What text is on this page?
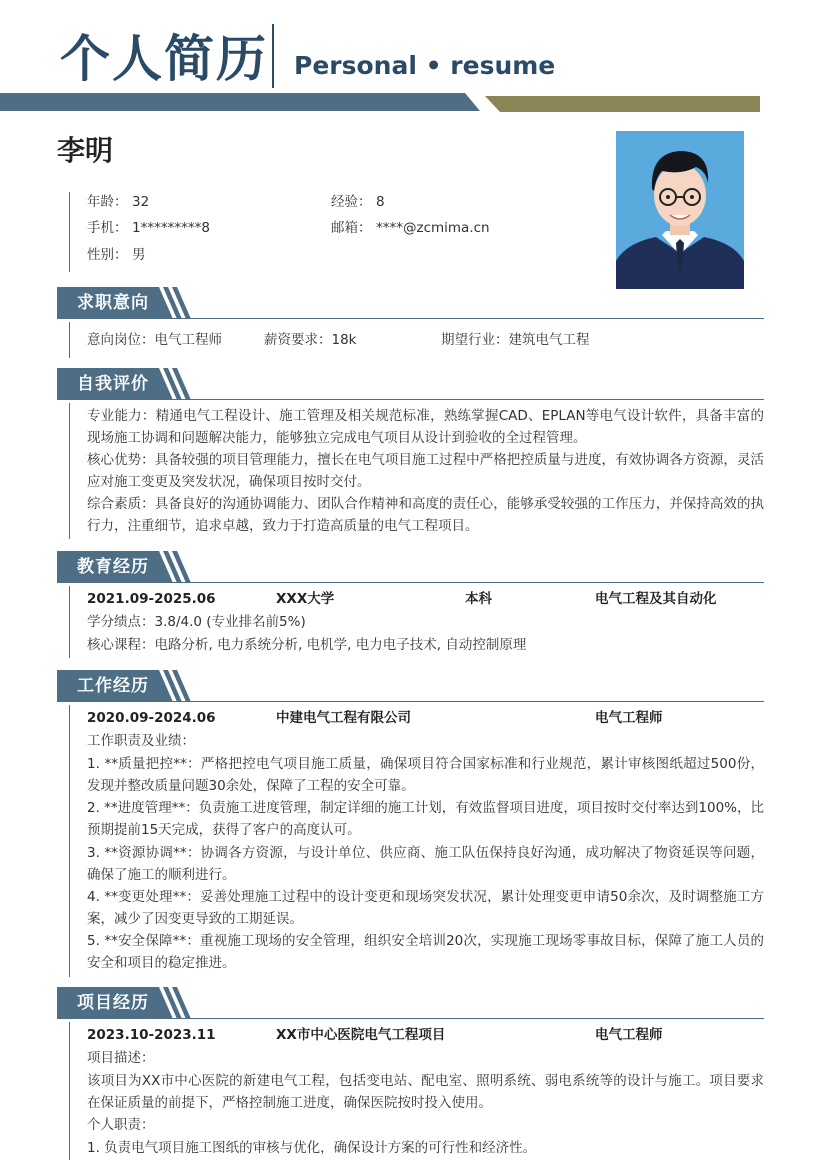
个人简历 Personal • resume
李明
年龄： 32	经验： 8
手机： 1*********8	邮箱： ****@zcmima.cn
性别： 男
求职意向
意向岗位：电气工程师	薪资要求：18k	期望行业：建筑电气工程
自我评价
专业能力：精通电气工程设计、施工管理及相关规范标准，熟练掌握CAD、EPLAN等电气设计软件，具备丰富的现场施工协调和问题解决能力，能够独立完成电气项目从设计到验收的全过程管理。
核心优势：具备较强的项目管理能力，擅长在电气项目施工过程中严格把控质量与进度，有效协调各方资源，灵活应对施工变更及突发状况，确保项目按时交付。
综合素质：具备良好的沟通协调能力、团队合作精神和高度的责任心，能够承受较强的工作压力，并保持高效的执行力，注重细节，追求卓越，致力于打造高质量的电气工程项目。
教育经历
2021.09-2025.06	XXX大学	本科	电气工程及其自动化
学分绩点：3.8/4.0 (专业排名前5%)
核心课程：电路分析, 电力系统分析, 电机学, 电力电子技术, 自动控制原理
工作经历
2020.09-2024.06	中建电气工程有限公司	电气工程师
工作职责及业绩：
1. **质量把控**：严格把控电气项目施工质量，确保项目符合国家标准和行业规范，累计审核图纸超过500份，发现并整改质量问题30余处，保障了工程的安全可靠。
2. **进度管理**：负责施工进度管理，制定详细的施工计划，有效监督项目进度，项目按时交付率达到100%，比预期提前15天完成，获得了客户的高度认可。
3. **资源协调**：协调各方资源，与设计单位、供应商、施工队伍保持良好沟通，成功解决了物资延误等问题，确保了施工的顺利进行。
4. **变更处理**：妥善处理施工过程中的设计变更和现场突发状况，累计处理变更申请50余次，及时调整施工方案，减少了因变更导致的工期延误。
5. **安全保障**：重视施工现场的安全管理，组织安全培训20次，实现施工现场零事故目标，保障了施工人员的安全和项目的稳定推进。
项目经历
2023.10-2023.11	XX市中心医院电气工程项目	电气工程师
项目描述：
该项目为XX市中心医院的新建电气工程，包括变电站、配电室、照明系统、弱电系统等的设计与施工。项目要求在保证质量的前提下，严格控制施工进度，确保医院按时投入使用。
个人职责：
1. 负责电气项目施工图纸的审核与优化，确保设计方案的可行性和经济性。
